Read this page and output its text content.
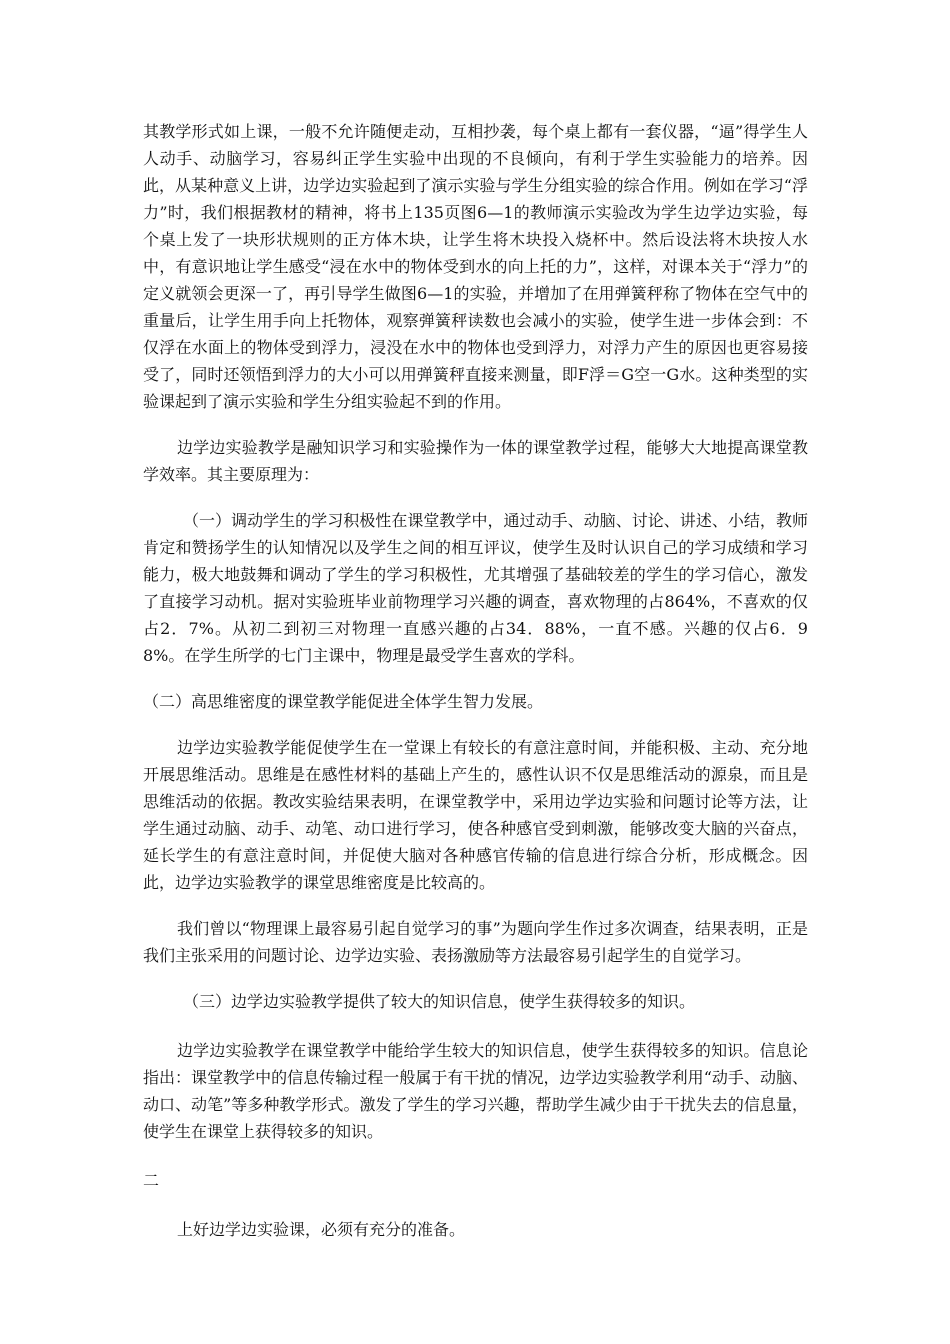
其教学形式如上课，一般不允许随便走动，互相抄袭，每个桌上都有一套仪器，“逼”得学生人人动手、动脑学习，容易纠正学生实验中出现的不良倾向，有利于学生实验能力的培养。因此，从某种意义上讲，边学边实验起到了演示实验与学生分组实验的综合作用。例如在学习“浮力”时，我们根据教材的精神，将书上135页图6—1的教师演示实验改为学生边学边实验，每个桌上发了一块形状规则的正方体木块，让学生将木块投入烧杯中。然后设法将木块按人水中，有意识地让学生感受“浸在水中的物体受到水的向上托的力”，这样，对课本关于“浮力”的定义就领会更深一了，再引导学生做图6—1的实验，并增加了在用弹簧秤称了物体在空气中的重量后，让学生用手向上托物体，观察弹簧秤读数也会减小的实验，使学生进一步体会到：不仅浮在水面上的物体受到浮力，浸没在水中的物体也受到浮力，对浮力产生的原因也更容易接受了，同时还领悟到浮力的大小可以用弹簧秤直接来测量，即F浮＝G空一G水。这种类型的实验课起到了演示实验和学生分组实验起不到的作用。

边学边实验教学是融知识学习和实验操作为一体的课堂教学过程，能够大大地提高课堂教学效率。其主要原理为：

（一）调动学生的学习积极性在课堂教学中，通过动手、动脑、讨论、讲述、小结，教师肯定和赞扬学生的认知情况以及学生之间的相互评议，使学生及时认识自己的学习成绩和学习能力，极大地鼓舞和调动了学生的学习积极性，尤其增强了基础较差的学生的学习信心，激发了直接学习动机。据对实验班毕业前物理学习兴趣的调查，喜欢物理的占864%，不喜欢的仅占2．7%。从初二到初三对物理一直感兴趣的占34．88%，一直不感。兴趣的仅占6．98%。在学生所学的七门主课中，物理是最受学生喜欢的学科。

（二）高思维密度的课堂教学能促进全体学生智力发展。

边学边实验教学能促使学生在一堂课上有较长的有意注意时间，并能积极、主动、充分地开展思维活动。思维是在感性材料的基础上产生的，感性认识不仅是思维活动的源泉，而且是思维活动的依据。教改实验结果表明，在课堂教学中，采用边学边实验和问题讨论等方法，让学生通过动脑、动手、动笔、动口进行学习，使各种感官受到刺激，能够改变大脑的兴奋点，延长学生的有意注意时间，并促使大脑对各种感官传输的信息进行综合分析，形成概念。因此，边学边实验教学的课堂思维密度是比较高的。

我们曾以“物理课上最容易引起自觉学习的事”为题向学生作过多次调查，结果表明，正是我们主张采用的问题讨论、边学边实验、表扬激励等方法最容易引起学生的自觉学习。

（三）边学边实验教学提供了较大的知识信息，使学生获得较多的知识。

边学边实验教学在课堂教学中能给学生较大的知识信息，使学生获得较多的知识。信息论指出：课堂教学中的信息传输过程一般属于有干扰的情况，边学边实验教学利用“动手、动脑、动口、动笔”等多种教学形式。激发了学生的学习兴趣，帮助学生减少由于干扰失去的信息量，使学生在课堂上获得较多的知识。

二

上好边学边实验课，必须有充分的准备。
